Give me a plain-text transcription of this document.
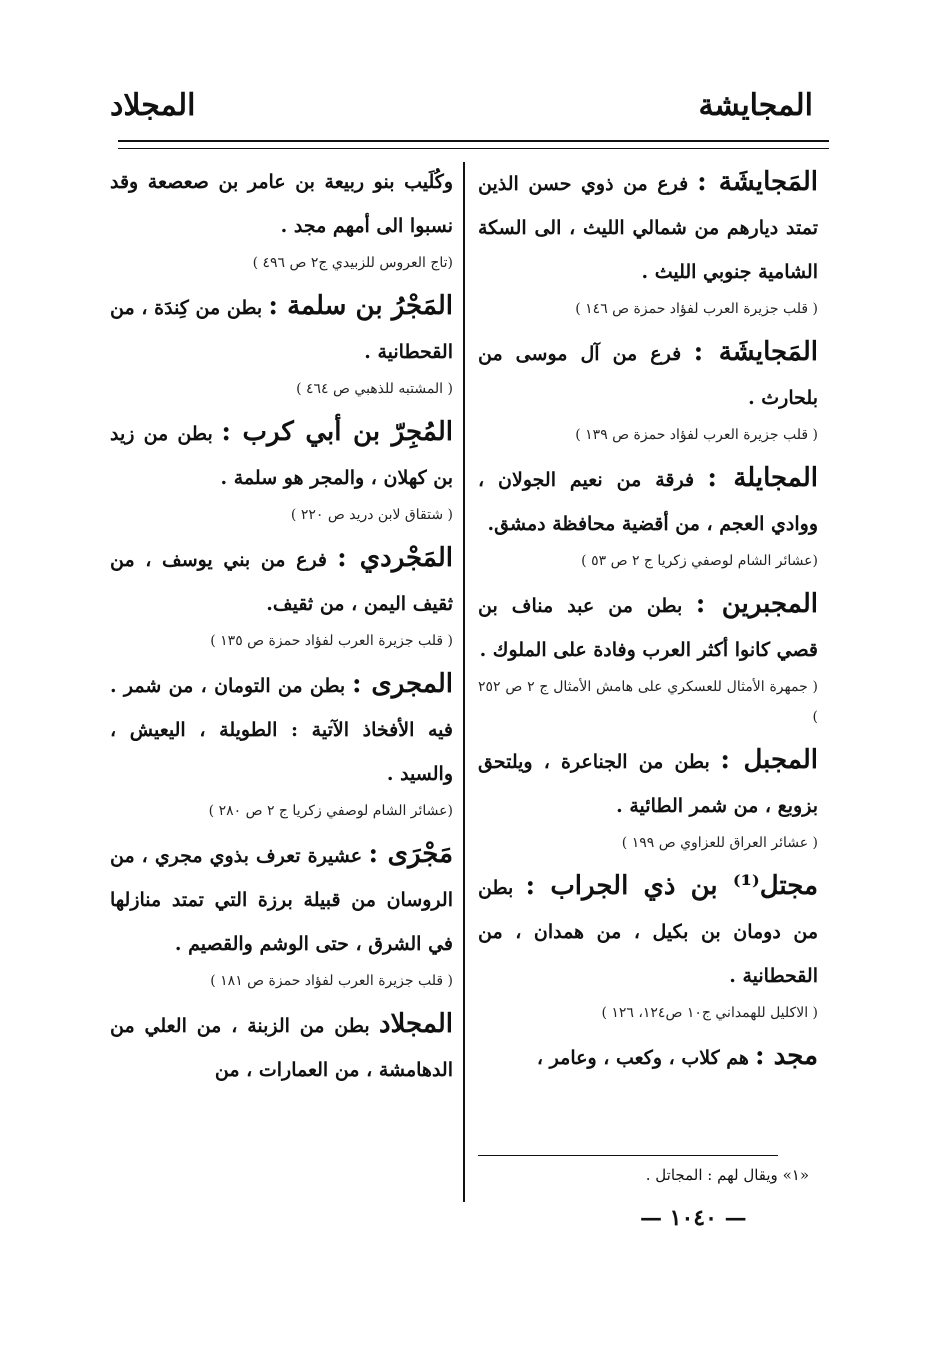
المجايشة
المجلاد
المَجايشَة : فرع من ذوي حسن الذين تمتد ديارهم من شمالي الليث ، الى السكة الشامية جنوبي الليث .
( قلب جزيرة العرب لفؤاد حمزة ص ١٤٦ )
المَجايشَة : فرع من آل موسى من بلحارث .
( قلب جزيرة العرب لفؤاد حمزة ص ١٣٩ )
المجايلة : فرقة من نعيم الجولان ، ووادي العجم ، من أقضية محافظة دمشق.
(عشائر الشام لوصفي زكريا ج ٢ ص ٥٣ )
المجبرين : بطن من عبد مناف بن قصي كانوا أكثر العرب وفادة على الملوك .
( جمهرة الأمثال للعسكري على هامش الأمثال ج ٢ ص ٢٥٢ )
المجبل : بطن من الجناعرة ، ويلتحق بزوبع ، من شمر الطائية .
( عشائر العراق للعزاوي ص ١٩٩ )
مجتل⁽¹⁾ بن ذي الجراب : بطن من دومان بن بكيل ، من همدان ، من القحطانية .
( الاكليل للهمداني ج١٠ ص١٢٤، ١٢٦ )
مجد : هم كلاب ، وكعب ، وعامر ،
وكُلَيب بنو ربيعة بن عامر بن صعصعة وقد نسبوا الى أمهم مجد .
(تاج العروس للزبيدي ج٢ ص ٤٩٦ )
المَجْرُ بن سلمة : بطن من كِندَة ، من القحطانية .
( المشتبه للذهبي ص ٤٦٤ )
المُجِرّ بن أبي كرب : بطن من زيد بن كهلان ، والمجر هو سلمة .
( شتقاق لابن دريد ص ٢٢٠ )
المَجْردي : فرع من بني يوسف ، من ثقيف اليمن ، من ثقيف.
( قلب جزيرة العرب لفؤاد حمزة ص ١٣٥ )
المجرى : بطن من التومان ، من شمر . فيه الأفخاذ الآتية : الطويلة ، اليعيش ، والسيد .
(عشائر الشام لوصفي زكريا ج ٢ ص ٢٨٠ )
مَجْرَى : عشيرة تعرف بذوي مجري ، من الروسان من قبيلة برزة التي تمتد منازلها في الشرق ، حتى الوشم والقصيم .
( قلب جزيرة العرب لفؤاد حمزة ص ١٨١ )
المجلاد بطن من الزبنة ، من العلي من الدهامشة ، من العمارات ، من
«١» ويقال لهم : المجاتل .
— ١٠٤٠ —
